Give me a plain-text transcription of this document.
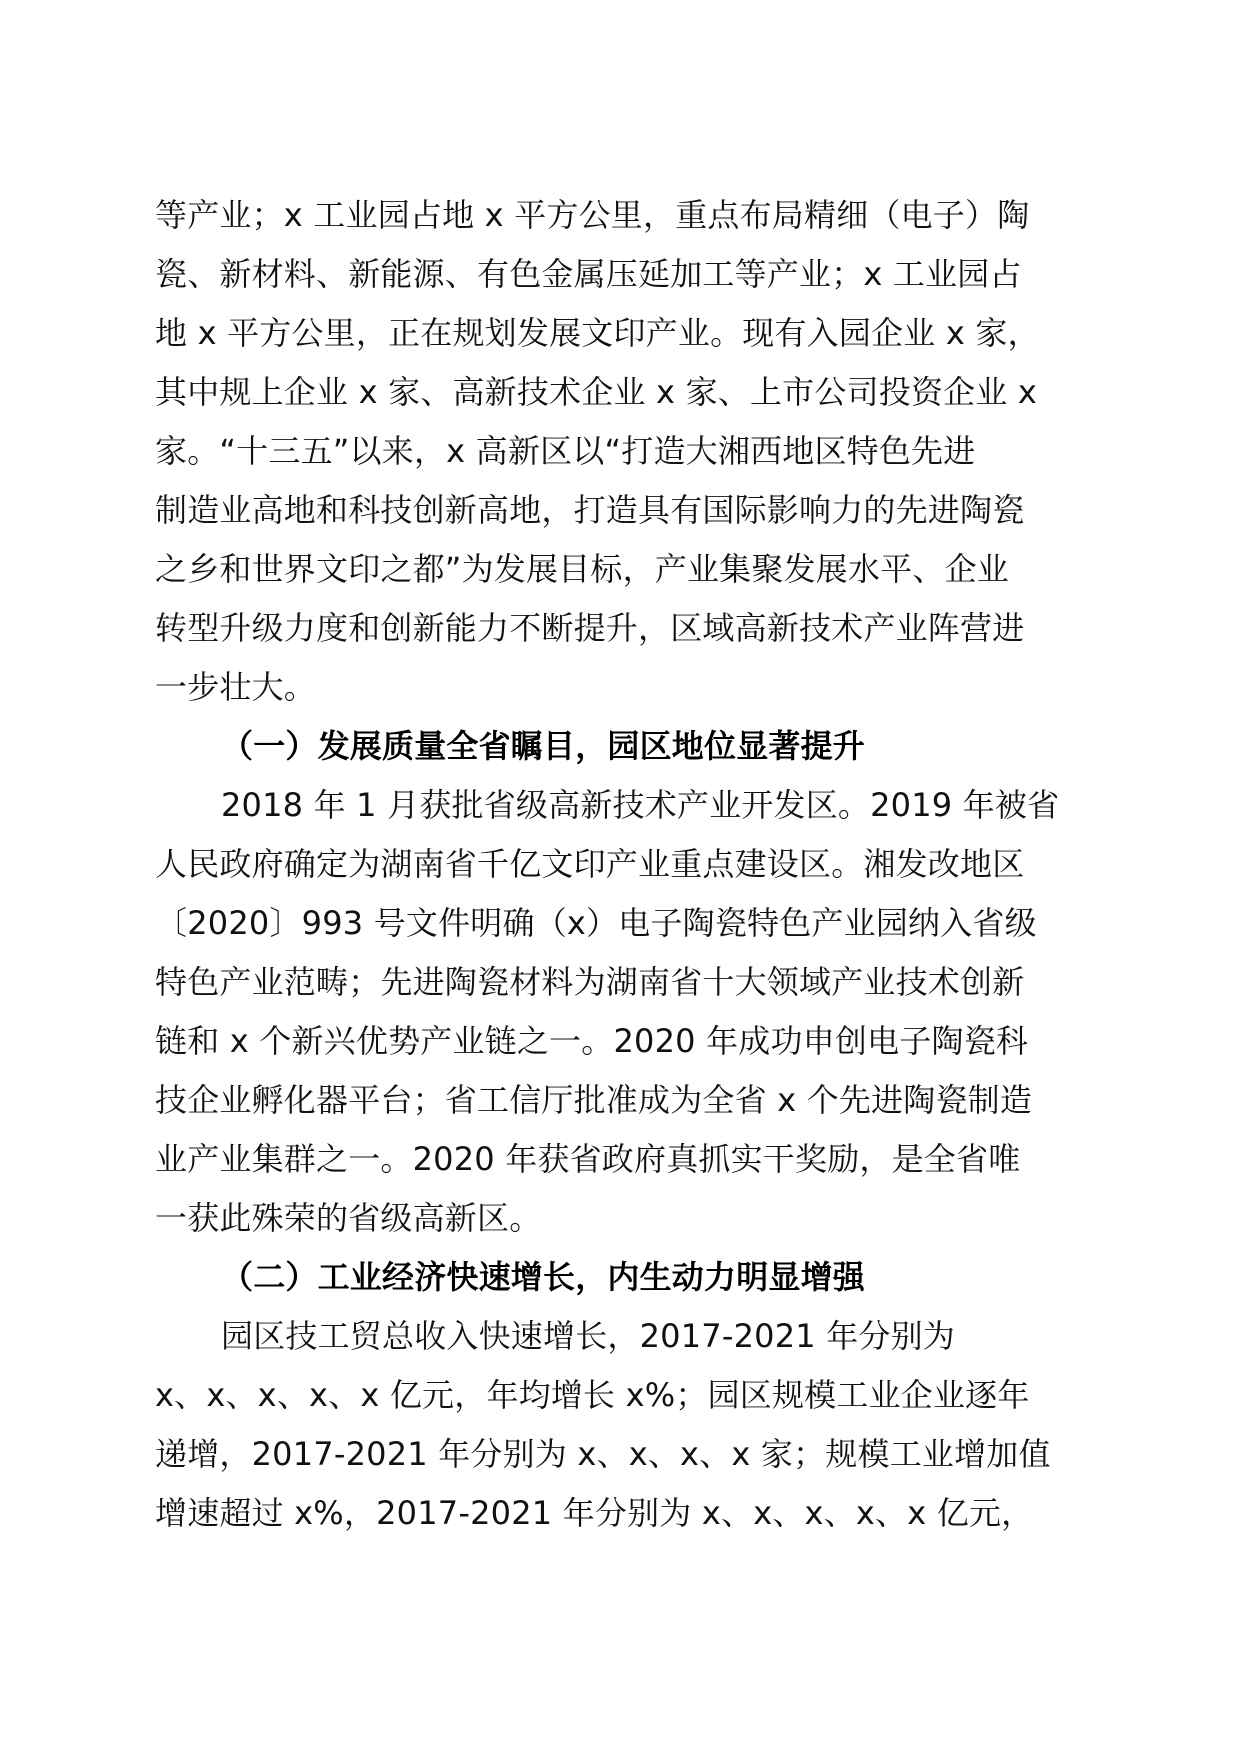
等产业；x 工业园占地 x 平方公里，重点布局精细（电子）陶
瓷、新材料、新能源、有色金属压延加工等产业；x 工业园占
地 x 平方公里，正在规划发展文印产业。现有入园企业 x 家，
其中规上企业 x 家、高新技术企业 x 家、上市公司投资企业 x
家。“十三五”以来，x 高新区以“打造大湘西地区特色先进
制造业高地和科技创新高地，打造具有国际影响力的先进陶瓷
之乡和世界文印之都”为发展目标，产业集聚发展水平、企业
转型升级力度和创新能力不断提升，区域高新技术产业阵营进
一步壮大。
（一）发展质量全省瞩目，园区地位显著提升
2018 年 1 月获批省级高新技术产业开发区。2019 年被省
人民政府确定为湖南省千亿文印产业重点建设区。湘发改地区
〔2020〕993 号文件明确（x）电子陶瓷特色产业园纳入省级
特色产业范畴；先进陶瓷材料为湖南省十大领域产业技术创新
链和 x 个新兴优势产业链之一。2020 年成功申创电子陶瓷科
技企业孵化器平台；省工信厅批准成为全省 x 个先进陶瓷制造
业产业集群之一。2020 年获省政府真抓实干奖励，是全省唯
一获此殊荣的省级高新区。
（二）工业经济快速增长，内生动力明显增强
园区技工贸总收入快速增长，2017-2021 年分别为
x、x、x、x、x 亿元，年均增长 x%；园区规模工业企业逐年
递增，2017-2021 年分别为 x、x、x、x 家；规模工业增加值
增速超过 x%，2017-2021 年分别为 x、x、x、x、x 亿元，
